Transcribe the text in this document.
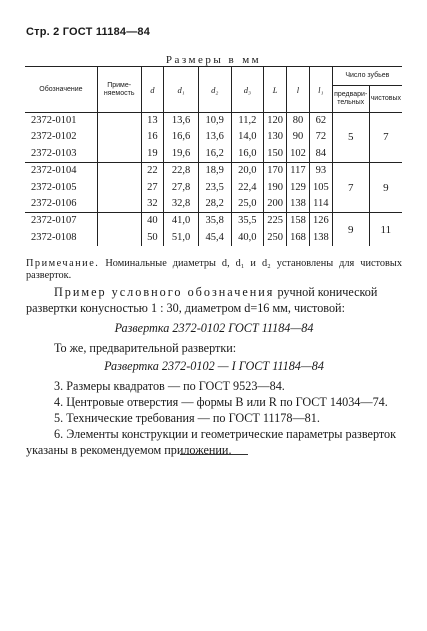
Стр. 2 ГОСТ 11184—84
Размеры в мм
Обозначение	Применяемость	d	d₁	d₂	d₃	L	l	l₁	Число зубьев	
									предварительных	чистовых
2372-0101		13	13,6	10,9	11,2	120	80	62	5	7
2372-0102		16	16,6	13,6	14,0	130	90	72		
2372-0103		19	19,6	16,2	16,0	150	102	84		
2372-0104		22	22,8	18,9	20,0	170	117	93	7	9
2372-0105		27	27,8	23,5	22,4	190	129	105		
2372-0106		32	32,8	28,2	25,0	200	138	114		
2372-0107		40	41,0	35,8	35,5	225	158	126	9	11
2372-0108		50	51,0	45,4	40,0	250	168	138		
Примечание. Номинальные диаметры d, d₁ и d₂ установлены для чистовых разверток.
Пример условного обозначения ручной конической развертки конусностью 1 : 30, диаметром d=16 мм, чистовой:
Развертка 2372-0102 ГОСТ 11184—84
То же, предварительной развертки:
Развертка 2372-0102 — I ГОСТ 11184—84
3. Размеры квадратов — по ГОСТ 9523—84.
4. Центровые отверстия — формы B или R по ГОСТ 14034—74.
5. Технические требования — по ГОСТ 11178—81.
6. Элементы конструкции и геометрические параметры разверток указаны в рекомендуемом приложении.
